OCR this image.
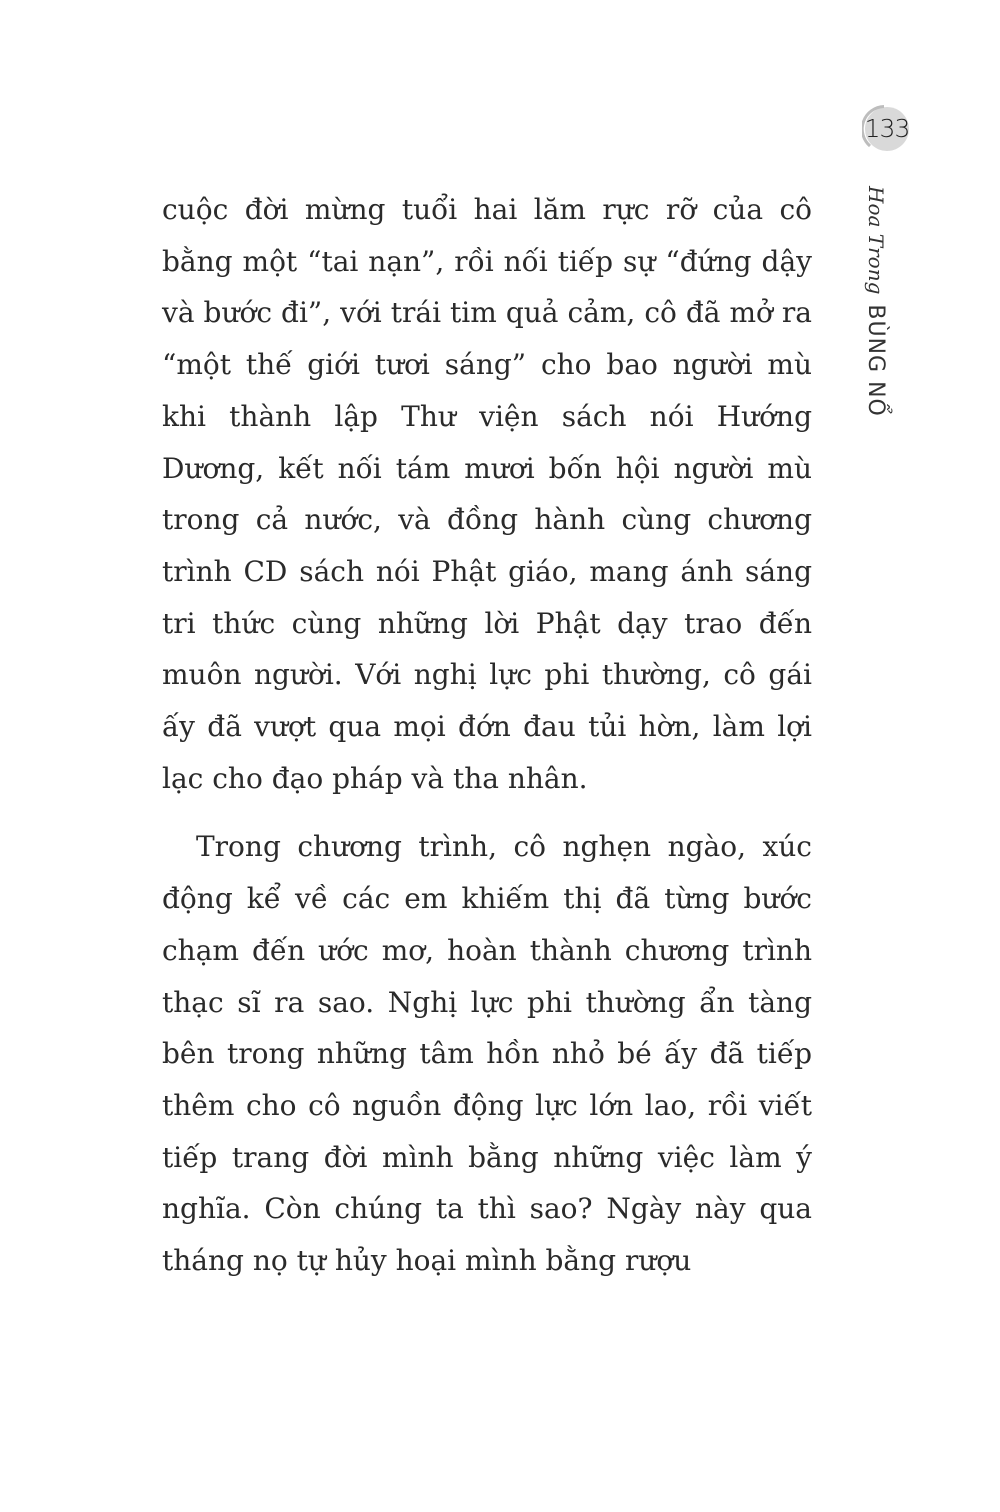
133
Hoa Trong
BÙNG NỔ

cuộc đời mừng tuổi hai lăm rực rỡ của cô bằng một “tai nạn”, rồi nối tiếp sự “đứng dậy và bước đi”, với trái tim quả cảm, cô đã mở ra “một thế giới tươi sáng” cho bao người mù khi thành lập Thư viện sách nói Hướng Dương, kết nối tám mươi bốn hội người mù trong cả nước, và đồng hành cùng chương trình CD sách nói Phật giáo, mang ánh sáng tri thức cùng những lời Phật dạy trao đến muôn người. Với nghị lực phi thường, cô gái ấy đã vượt qua mọi đớn đau tủi hờn, làm lợi lạc cho đạo pháp và tha nhân.

Trong chương trình, cô nghẹn ngào, xúc động kể về các em khiếm thị đã từng bước chạm đến ước mơ, hoàn thành chương trình thạc sĩ ra sao. Nghị lực phi thường ẩn tàng bên trong những tâm hồn nhỏ bé ấy đã tiếp thêm cho cô nguồn động lực lớn lao, rồi viết tiếp trang đời mình bằng những việc làm ý nghĩa. Còn chúng ta thì sao? Ngày này qua tháng nọ tự hủy hoại mình bằng rượu
